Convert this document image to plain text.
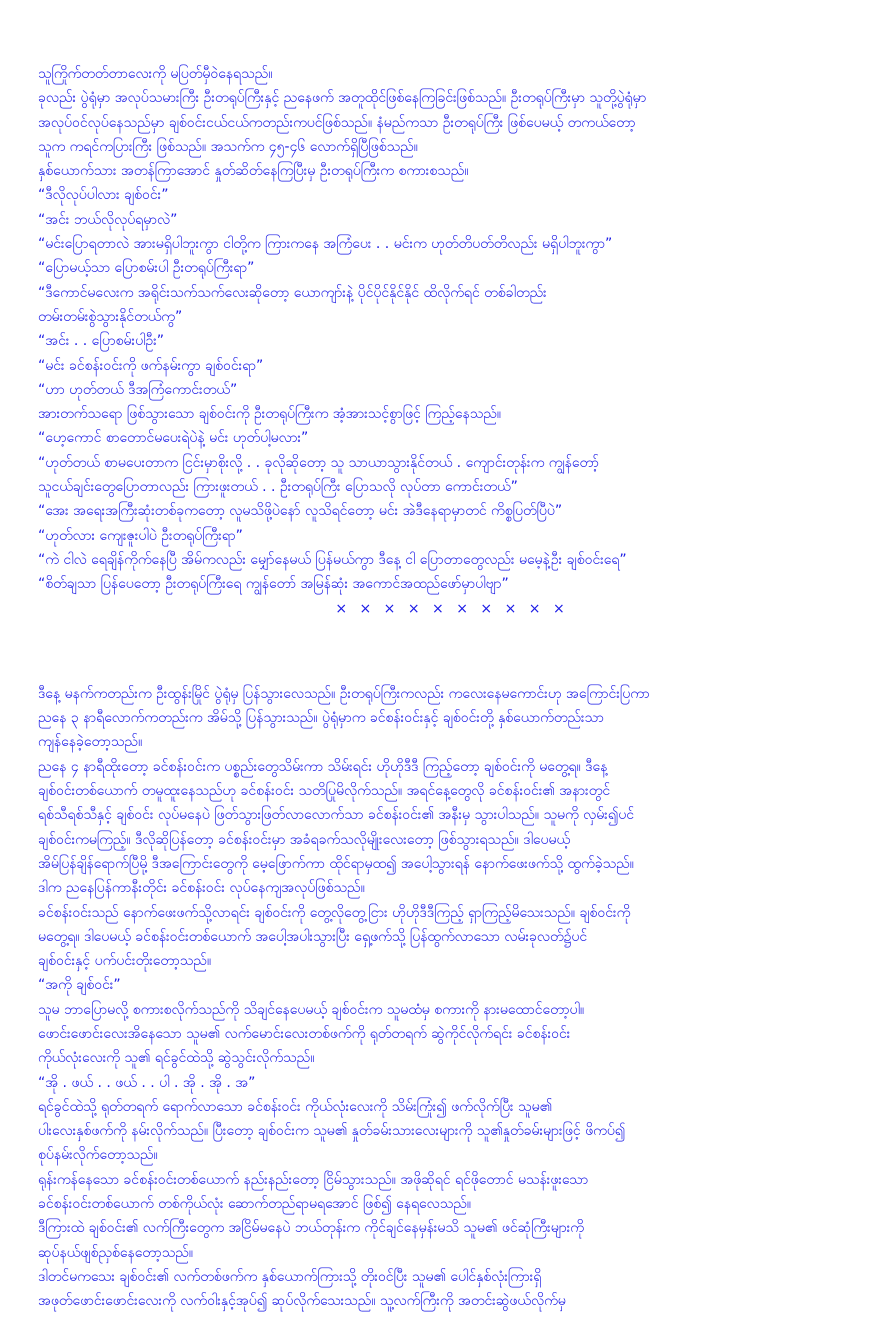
သူကြိုက်တတ်တာလေးကို မပြတ်မှီဝဲနေရသည်။
ခုလည်း ပွဲရုံမှာ အလုပ်သမားကြီး ဦးတရုပ်ကြီးနှင့် ညနေဖက် အတူထိုင်ဖြစ်နေကြခြင်းဖြစ်သည်။ ဦးတရုပ်ကြီးမှာ သူတို့ပွဲရုံမှာ
အလုပ်ဝင်လုပ်နေသည်မှာ ချစ်ဝင်းငယ်ငယ်ကတည်းကပင်ဖြစ်သည်။ နံမည်ကသာ ဦးတရုပ်ကြီး ဖြစ်ပေမယ့် တကယ်တော့
သူက ကရင်ကပြားကြီး ဖြစ်သည်။ အသက်က ၄၅-၄၆ လောက်ရှိပြီဖြစ်သည်။
နှစ်ယောက်သား အတန်ကြာအောင် နှုတ်ဆိတ်နေကြပြီးမှ ဦးတရုပ်ကြီးက စကားစသည်။
“ဒီလိုလုပ်ပါလား ချစ်ဝင်း”
“အင်း ဘယ်လိုလုပ်ရမှာလဲ”
“မင်းပြောရတာလဲ အားမရှိပါဘူးကွာ ငါတို့က ကြားကနေ အကြံပေး . . မင်းက ဟုတ်တိပတ်တိလည်း မရှိပါဘူးကွာ”
“ပြောမယ့်သာ ပြောစမ်းပါ ဦးတရုပ်ကြီးရာ”
“ဒီကောင်မလေးက အရိုင်းသက်သက်လေးဆိုတော့ ယောကျာ်းနဲ့ ပိုင်ပိုင်နိုင်နိုင် ထိလိုက်ရင် တစ်ခါတည်း
တမ်းတမ်းစွဲသွားနိုင်တယ်ကွ”
“အင်း . . ပြောစမ်းပါဦး”
“မင်း ခင်စန်းဝင်းကို ဖက်နမ်းကွာ ချစ်ဝင်းရာ”
“ဟာ ဟုတ်တယ် ဒီအကြံကောင်းတယ်”
အားတက်သရော ဖြစ်သွားသော ချစ်ဝင်းကို ဦးတရုပ်ကြီးက အံ့အားသင့်စွာဖြင့် ကြည့်နေသည်။
“ဟေ့ကောင် စာတောင်မပေးရဲပဲနဲ့ မင်း ဟုတ်ပါ့မလား”
“ဟုတ်တယ် စာမပေးတာက ငြင်းမှာစိုးလို့ . . ခုလိုဆိုတော့ သူ သာယာသွားနိုင်တယ် . ကျောင်းတုန်းက ကျွန်တော့်
သူငယ်ချင်းတွေပြောတာလည်း ကြားဖူးတယ် . . ဦးတရုပ်ကြီး ပြောသလို လုပ်တာ ကောင်းတယ်”
“အေး အရေးအကြီးဆုံးတစ်ခုကတော့ လူမသိဖို့ပဲနော် လူသိရင်တော့ မင်း အဲဒီနေရာမှာတင် ကိစ္စပြတ်ပြီပဲ”
“ဟုတ်လား ကျေးဇူးပါပဲ ဦးတရုပ်ကြီးရာ”
“ကဲ ငါလဲ ရေချိန်ကိုက်နေပြီ အိမ်ကလည်း မျှော်နေမယ် ပြန်မယ်ကွာ ဒီနေ့ ငါ ပြောတာတွေလည်း မမေ့နဲ့ဦး ချစ်ဝင်းရေ”
“စိတ်ချသာ ပြန်ပေတော့ ဦးတရုပ်ကြီးရေ ကျွန်တော် အမြန်ဆုံး အကောင်အထည်ဖော်မှာပါဗျာ”
× × × × × × × × × ×
ဒီနေ့ မနက်ကတည်းက ဦးထွန်းမြိုင် ပွဲရုံမှ ပြန်သွားလေသည်။ ဦးတရုပ်ကြီးကလည်း ကလေးနေမကောင်းဟု အကြောင်းပြကာ
ညနေ ၃ နာရီလောက်ကတည်းက အိမ်သို့ ပြန်သွားသည်။ ပွဲရုံမှာက ခင်စန်းဝင်းနှင့် ချစ်ဝင်းတို့ နှစ်ယောက်တည်းသာ
ကျန်နေခဲ့တော့သည်။
ညနေ ၄ နာရီထိုးတော့ ခင်စန်းဝင်းက ပစ္စည်းတွေသိမ်းကာ သိမ်းရင်း ဟိုဟိုဒီဒီ ကြည့်တော့ ချစ်ဝင်းကို မတွေ့ရ။ ဒီနေ့
ချစ်ဝင်းတစ်ယောက် တမူထူးနေသည်ဟု ခင်စန်းဝင်း သတိပြုမိလိုက်သည်။ အရင်နေ့တွေလို ခင်စန်းဝင်း၏ အနားတွင်
ရစ်သီရစ်သီနှင့် ချစ်ဝင်း လုပ်မနေပဲ ဖြတ်သွားဖြတ်လာလောက်သာ ခင်စန်းဝင်း၏ အနီးမှ သွားပါသည်။ သူမကို လှမ်း၍ပင်
ချစ်ဝင်းကမကြည့်။ ဒီလိုဆိုပြန်တော့ ခင်စန်းဝင်းမှာ အခံရခက်သလိုမျိုးလေးတော့ ဖြစ်သွားရသည်။ ဒါပေမယ့်
အိမ်ပြန်ချိန်ရောက်ပြီမို့ ဒီအကြောင်းတွေကို မေ့ဖြောက်ကာ ထိုင်ရာမှထ၍ အပေါ့သွားရန် နောက်ဖေးဖက်သို့ ထွက်ခဲ့သည်။
ဒါက ညနေပြန်ကာနီးတိုင်း ခင်စန်းဝင်း လုပ်နေကျအလုပ်ဖြစ်သည်။
ခင်စန်းဝင်းသည် နောက်ဖေးဖက်သို့လာရင်း ချစ်ဝင်းကို တွေ့လိုတွေ့ငြား ဟိုဟိုဒီဒီကြည့် ရှာကြည့်မိသေးသည်။ ချစ်ဝင်းကို
မတွေ့ရ။ ဒါပေမယ့် ခင်စန်းဝင်းတစ်ယောက် အပေါ့အပါးသွားပြီး ရှေ့ဖက်သို့ ပြန်ထွက်လာသော လမ်းခုလတ်၌ပင်
ချစ်ဝင်းနှင့် ပက်ပင်းတိုးတော့သည်။
“အကို ချစ်ဝင်း”
သူမ ဘာပြောမလို့ စကားစလိုက်သည်ကို သိချင်နေပေမယ့် ချစ်ဝင်းက သူမထံမှ စကားကို နားမထောင်တော့ပါ။
ဖောင်းဖောင်းလေးအိနေသော သူမ၏ လက်မောင်းလေးတစ်ဖက်ကို ရုတ်တရက် ဆွဲကိုင်လိုက်ရင်း ခင်စန်းဝင်း
ကိုယ်လုံးလေးကို သူ၏ ရင်ခွင်ထဲသို့ ဆွဲသွင်းလိုက်သည်။
“အို . ဖယ် . . ဖယ် . . ပါ . အို . အို . အ”
ရင်ခွင်ထဲသို့ ရုတ်တရက် ရောက်လာသော ခင်စန်းဝင်း ကိုယ်လုံးလေးကို သိမ်းကြုံး၍ ဖက်လိုက်ပြီး သူမ၏
ပါးလေးနှစ်ဖက်ကို နမ်းလိုက်သည်။ ပြီးတော့ ချစ်ဝင်းက သူမ၏ နှုတ်ခမ်းသားလေးများကို သူ၏နှုတ်ခမ်းများဖြင့် ဖိကပ်၍
စုပ်နမ်းလိုက်တော့သည်။
ရုန်းကန်နေသော ခင်စန်းဝင်းတစ်ယောက် နည်းနည်းတော့ ငြိမ်သွားသည်။ အဖိုဆိုရင် ရင်ဖိုတောင် မသန်းဖူးသော
ခင်စန်းဝင်းတစ်ယောက် တစ်ကိုယ်လုံး ဆောက်တည်ရာမရအောင် ဖြစ်၍ နေရလေသည်။
ဒီကြားထဲ ချစ်ဝင်း၏ လက်ကြီးတွေက အငြိမ်မနေပဲ ဘယ်တုန်းက ကိုင်ချင်နေမှန်းမသိ သူမ၏ ဖင်ဆုံကြီးများကို
ဆုပ်နယ်ဖျစ်ညှစ်နေတော့သည်။
ဒါတင်မကသေး ချစ်ဝင်း၏ လက်တစ်ဖက်က နှစ်ယောက်ကြားသို့ တိုးဝင်ပြီး သူမ၏ ပေါင်နှစ်လုံးကြားရှိ
အဖုတ်ဖောင်းဖောင်းလေးကို လက်ဝါးနှင့်အုပ်၍ ဆုပ်လိုက်သေးသည်။ သူ့လက်ကြီးကို အတင်းဆွဲဖယ်လိုက်မှ
